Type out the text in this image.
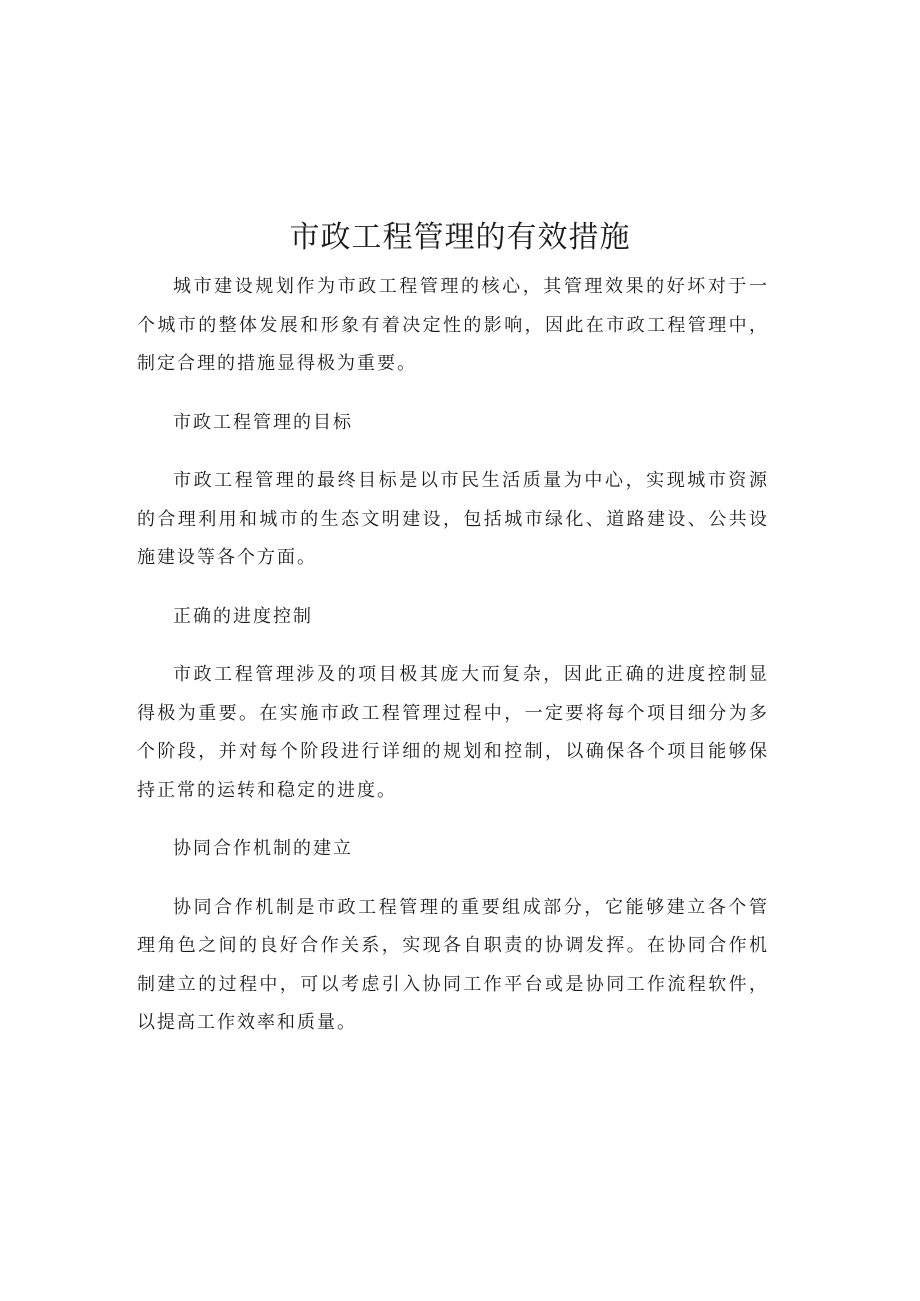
市政工程管理的有效措施

城市建设规划作为市政工程管理的核心，其管理效果的好坏对于一个城市的整体发展和形象有着决定性的影响，因此在市政工程管理中，制定合理的措施显得极为重要。

市政工程管理的目标

市政工程管理的最终目标是以市民生活质量为中心，实现城市资源的合理利用和城市的生态文明建设，包括城市绿化、道路建设、公共设施建设等各个方面。

正确的进度控制

市政工程管理涉及的项目极其庞大而复杂，因此正确的进度控制显得极为重要。在实施市政工程管理过程中，一定要将每个项目细分为多个阶段，并对每个阶段进行详细的规划和控制，以确保各个项目能够保持正常的运转和稳定的进度。

协同合作机制的建立

协同合作机制是市政工程管理的重要组成部分，它能够建立各个管理角色之间的良好合作关系，实现各自职责的协调发挥。在协同合作机制建立的过程中，可以考虑引入协同工作平台或是协同工作流程软件，以提高工作效率和质量。
